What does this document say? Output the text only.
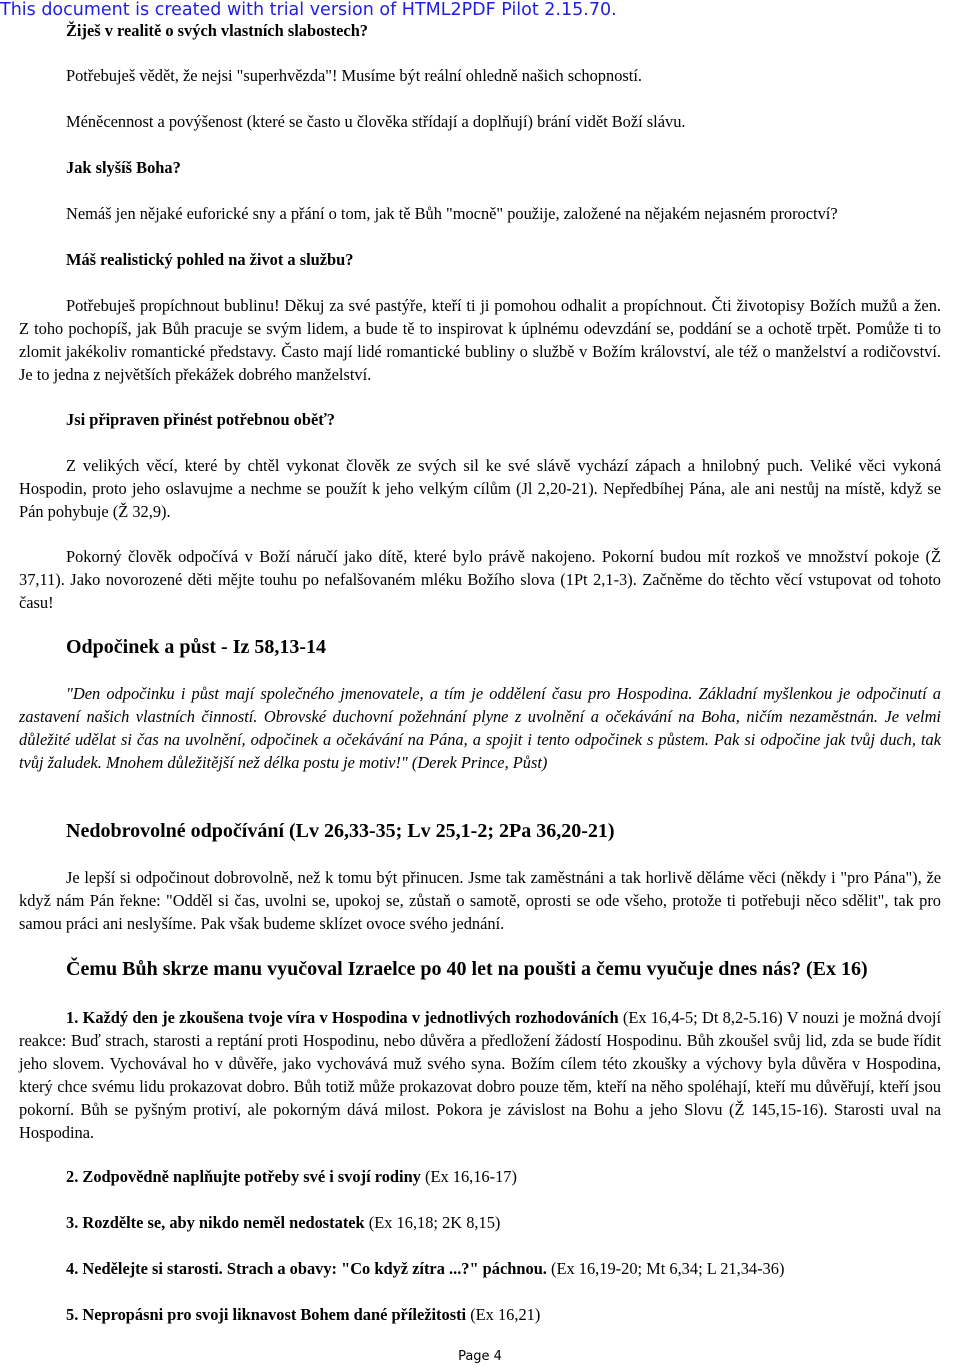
This document is created with trial version of HTML2PDF Pilot 2.15.70.

Žiješ v realitě o svých vlastních slabostech?

Potřebuješ vědět, že nejsi "superhvězda"! Musíme být reální ohledně našich schopností.

Méněcennost a povýšenost (které se často u člověka střídají a doplňují) brání vidět Boží slávu.

Jak slyšíš Boha?

Nemáš jen nějaké euforické sny a přání o tom, jak tě Bůh "mocně" použije, založené na nějakém nejasném proroctví?

Máš realistický pohled na život a službu?

Potřebuješ propíchnout bublinu! Děkuj za své pastýře, kteří ti ji pomohou odhalit a propíchnout. Čti životopisy Božích mužů a žen. Z toho pochopíš, jak Bůh pracuje se svým lidem, a bude tě to inspirovat k úplnému odevzdání se, poddání se a ochotě trpět. Pomůže ti to zlomit jakékoliv romantické představy. Často mají lidé romantické bubliny o službě v Božím království, ale též o manželství a rodičovství. Je to jedna z největších překážek dobrého manželství.

Jsi připraven přinést potřebnou oběť?

Z velikých věcí, které by chtěl vykonat člověk ze svých sil ke své slávě vychází zápach a hnilobný puch. Veliké věci vykoná Hospodin, proto jeho oslavujme a nechme se použít k jeho velkým cílům (Jl 2,20-21). Nepředbíhej Pána, ale ani nestůj na místě, když se Pán pohybuje (Ž 32,9).

Pokorný člověk odpočívá v Boží náručí jako dítě, které bylo právě nakojeno. Pokorní budou mít rozkoš ve množství pokoje (Ž 37,11). Jako novorozené děti mějte touhu po nefalšovaném mléku Božího slova (1Pt 2,1-3). Začněme do těchto věcí vstupovat od tohoto času!

Odpočinek a půst - Iz 58,13-14

"Den odpočinku i půst mají společného jmenovatele, a tím je oddělení času pro Hospodina. Základní myšlenkou je odpočinutí a zastavení našich vlastních činností. Obrovské duchovní požehnání plyne z uvolnění a očekávání na Boha, ničím nezaměstnán. Je velmi důležité udělat si čas na uvolnění, odpočinek a očekávání na Pána, a spojit i tento odpočinek s půstem. Pak si odpočine jak tvůj duch, tak tvůj žaludek. Mnohem důležitější než délka postu je motiv!" (Derek Prince, Půst)

Nedobrovolné odpočívání (Lv 26,33-35; Lv 25,1-2; 2Pa 36,20-21)

Je lepší si odpočinout dobrovolně, než k tomu být přinucen. Jsme tak zaměstnáni a tak horlivě děláme věci (někdy i "pro Pána"), že když nám Pán řekne: "Odděl si čas, uvolni se, upokoj se, zůstaň o samotě, oprosti se ode všeho, protože ti potřebuji něco sdělit", tak pro samou práci ani neslyšíme. Pak však budeme sklízet ovoce svého jednání.

Čemu Bůh skrze manu vyučoval Izraelce po 40 let na poušti a čemu vyučuje dnes nás? (Ex 16)

1. Každý den je zkoušena tvoje víra v Hospodina v jednotlivých rozhodováních (Ex 16,4-5; Dt 8,2-5.16) V nouzi je možná dvojí reakce: Buď strach, starosti a reptání proti Hospodinu, nebo důvěra a předložení žádostí Hospodinu. Bůh zkoušel svůj lid, zda se bude řídit jeho slovem. Vychovával ho v důvěře, jako vychovává muž svého syna. Božím cílem této zkoušky a výchovy byla důvěra v Hospodina, který chce svému lidu prokazovat dobro. Bůh totiž může prokazovat dobro pouze těm, kteří na něho spoléhají, kteří mu důvěřují, kteří jsou pokorní. Bůh se pyšným protiví, ale pokorným dává milost. Pokora je závislost na Bohu a jeho Slovu (Ž 145,15-16). Starosti uval na Hospodina.

2. Zodpovědně naplňujte potřeby své i svojí rodiny (Ex 16,16-17)

3. Rozdělte se, aby nikdo neměl nedostatek (Ex 16,18; 2K 8,15)

4. Nedělejte si starosti. Strach a obavy: "Co když zítra ...?" páchnou. (Ex 16,19-20; Mt 6,34; L 21,34-36)

5. Nepropásni pro svoji liknavost Bohem dané příležitosti (Ex 16,21)

Page 4
